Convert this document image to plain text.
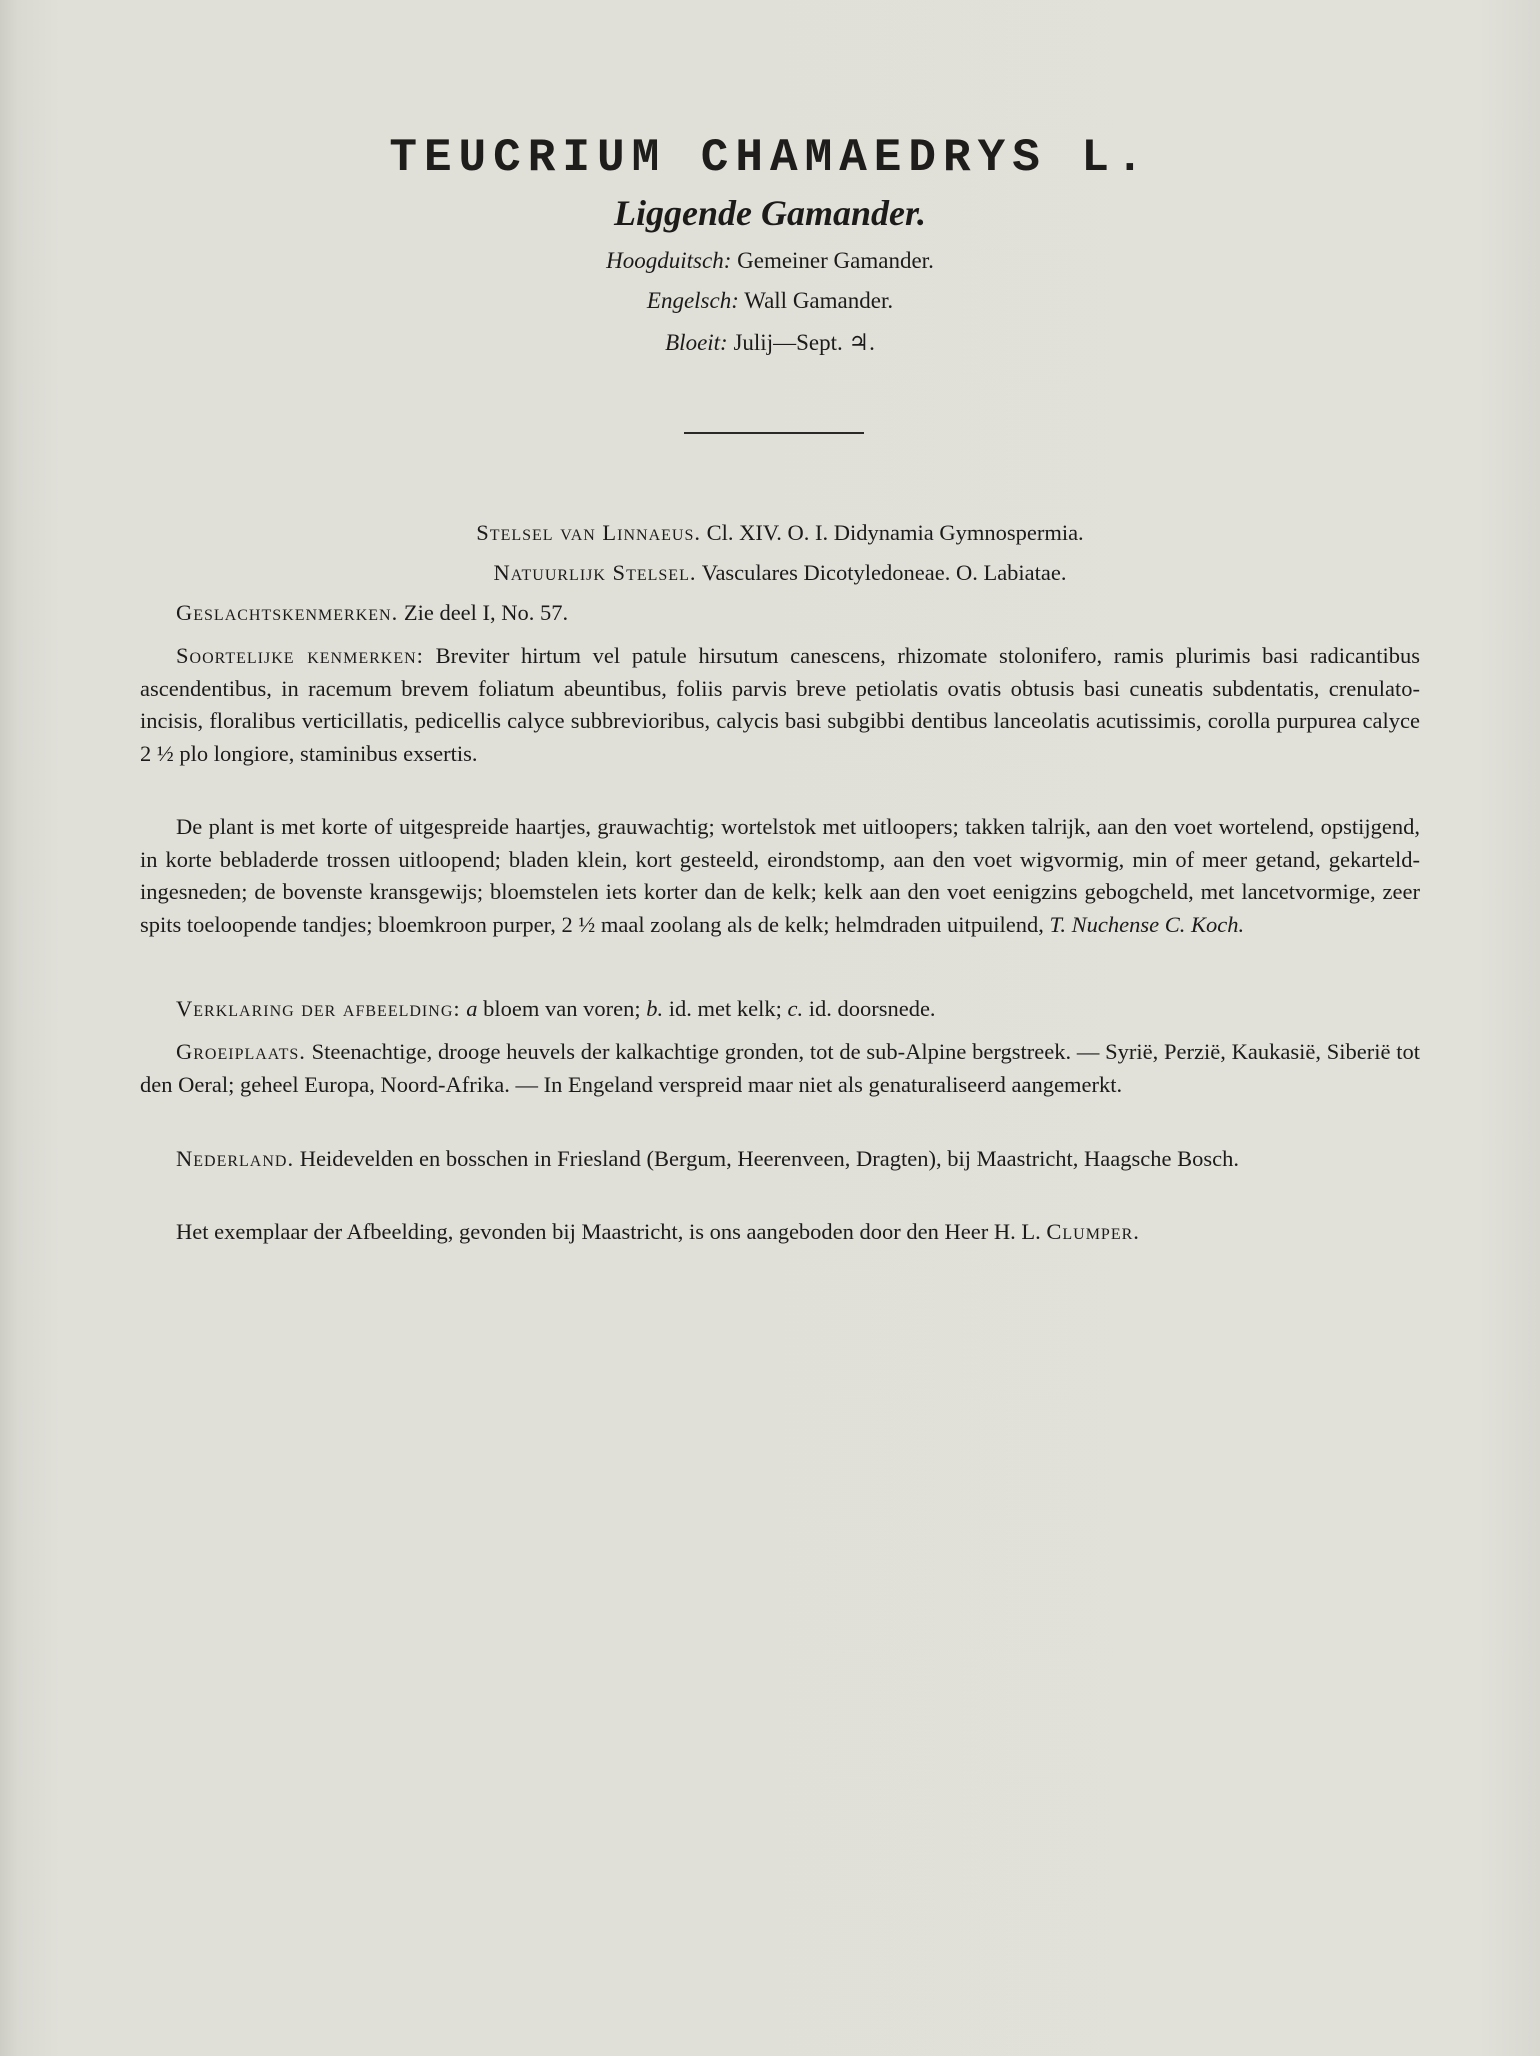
TEUCRIUM CHAMAEDRYS L.
Liggende Gamander.
Hoogduitsch: Gemeiner Gamander.
Engelsch: Wall Gamander.
Bloeit: Julij—Sept. ♃.
Stelsel van Linnaeus. Cl. XIV. O. I. Didynamia Gymnospermia.
Natuurlijk Stelsel. Vasculares Dicotyledoneae. O. Labiatae.
Geslachtskenmerken. Zie deel I, No. 57.
Soortelijke kenmerken: Breviter hirtum vel patule hirsutum canescens, rhizomate stolonifero, ramis plurimis basi radicantibus ascendentibus, in racemum brevem foliatum abeuntibus, foliis parvis breve petiolatis ovatis obtusis basi cuneatis subdentatis, crenulato-incisis, floralibus verticillatis, pedicellis calyce subbrevioribus, calycis basi subgibbi dentibus lanceolatis acutissimis, corolla purpurea calyce 2 ½ plo longiore, staminibus exsertis.
De plant is met korte of uitgespreide haartjes, grauwachtig; wortelstok met uitloopers; takken talrijk, aan den voet wortelend, opstijgend, in korte bebladerde trossen uitloopend; bladen klein, kort gesteeld, eirondstomp, aan den voet wigvormig, min of meer getand, gekarteld-ingesneden; de bovenste kransgewijs; bloemstelen iets korter dan de kelk; kelk aan den voet eenigzins gebogcheld, met lancetvormige, zeer spits toeloopende tandjes; bloemkroon purper, 2 ½ maal zoolang als de kelk; helmdraden uitpuilend, T. Nuchense C. Koch.
Verklaring der afbeelding: a bloem van voren; b. id. met kelk; c. id. doorsnede.
Groeiplaats. Steenachtige, drooge heuvels der kalkachtige gronden, tot de sub-Alpine bergstreek. — Syrië, Perzië, Kaukasië, Siberië tot den Oeral; geheel Europa, Noord-Afrika. — In Engeland verspreid maar niet als genaturaliseerd aangemerkt.
Nederland. Heidevelden en bosschen in Friesland (Bergum, Heerenveen, Dragten), bij Maastricht, Haagsche Bosch.
Het exemplaar der Afbeelding, gevonden bij Maastricht, is ons aangeboden door den Heer H. L. Clumper.
